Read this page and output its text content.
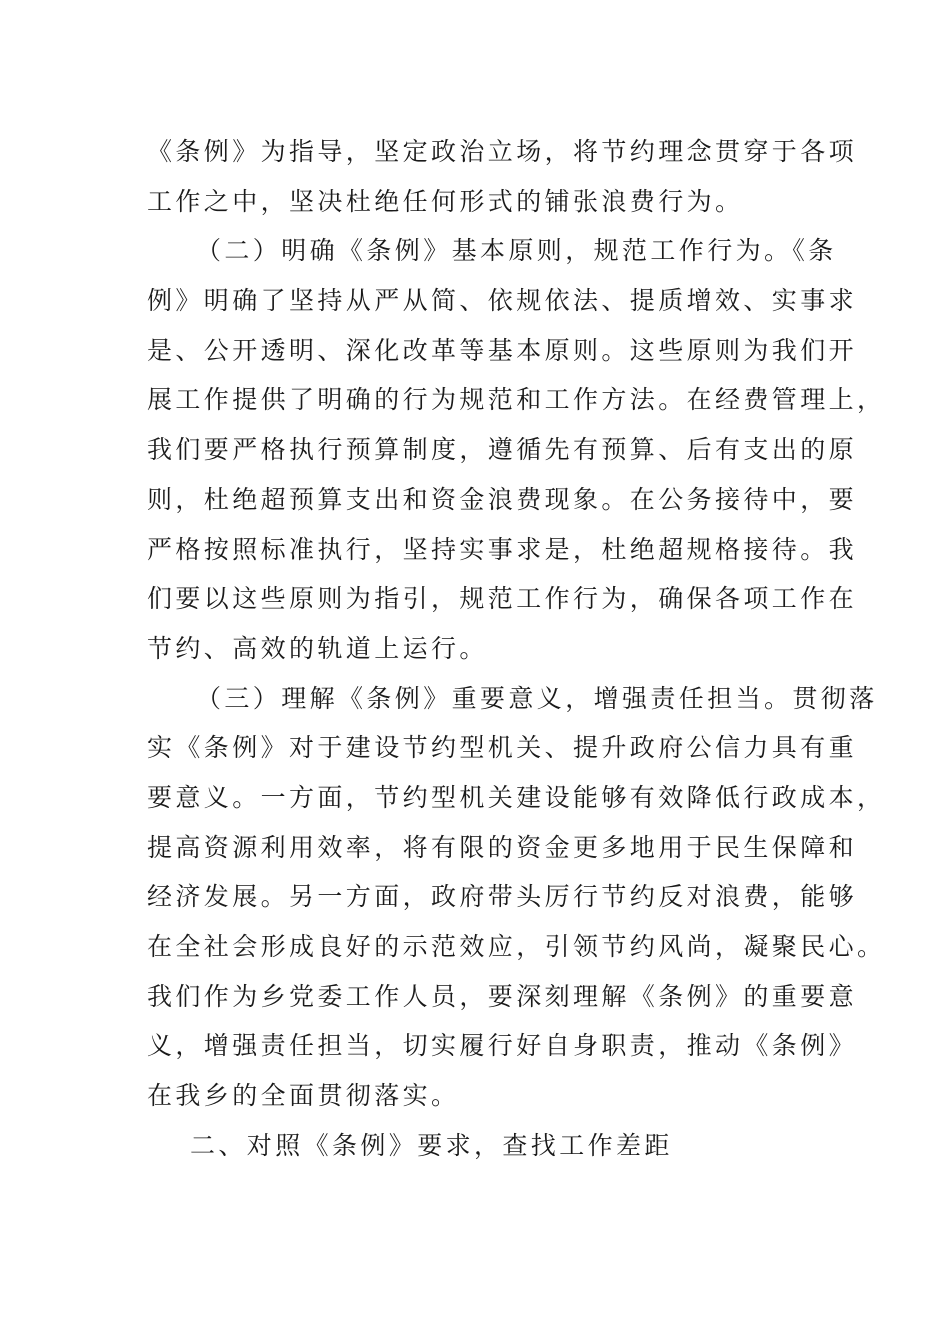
《条例》为指导，坚定政治立场，将节约理念贯穿于各项
工作之中，坚决杜绝任何形式的铺张浪费行为。
（二）明确《条例》基本原则，规范工作行为。《条
例》明确了坚持从严从简、依规依法、提质增效、实事求
是、公开透明、深化改革等基本原则。这些原则为我们开
展工作提供了明确的行为规范和工作方法。在经费管理上，
我们要严格执行预算制度，遵循先有预算、后有支出的原
则，杜绝超预算支出和资金浪费现象。在公务接待中，要
严格按照标准执行，坚持实事求是，杜绝超规格接待。我
们要以这些原则为指引，规范工作行为，确保各项工作在
节约、高效的轨道上运行。
（三）理解《条例》重要意义，增强责任担当。贯彻落
实《条例》对于建设节约型机关、提升政府公信力具有重
要意义。一方面，节约型机关建设能够有效降低行政成本，
提高资源利用效率，将有限的资金更多地用于民生保障和
经济发展。另一方面，政府带头厉行节约反对浪费，能够
在全社会形成良好的示范效应，引领节约风尚，凝聚民心。
我们作为乡党委工作人员，要深刻理解《条例》的重要意
义，增强责任担当，切实履行好自身职责，推动《条例》
在我乡的全面贯彻落实。
二、对照《条例》要求，查找工作差距
